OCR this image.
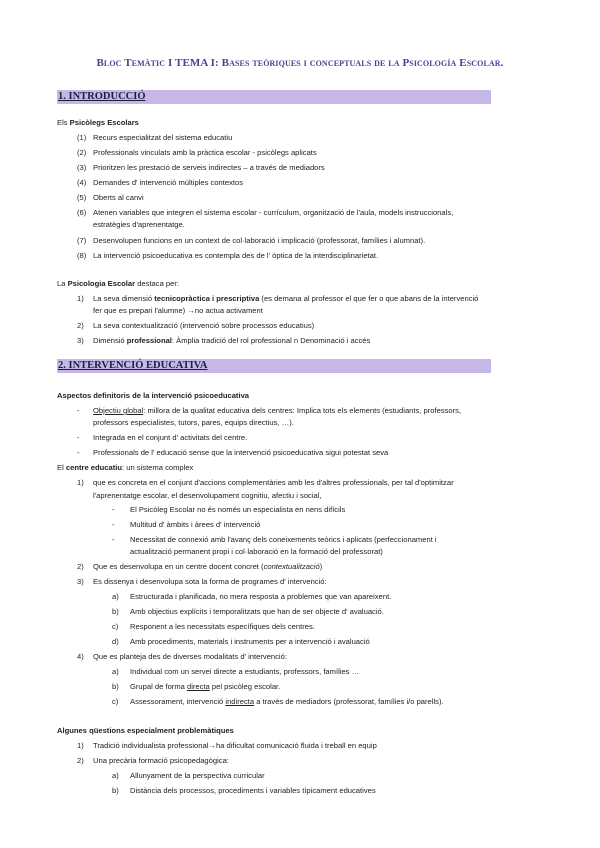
Bloc Temàtic I TEMA I: Bases teòriques i conceptuals de la Psicología Escolar.
1. INTRODUCCIÓ
Els Psicòlegs Escolars
(1) Recurs especialitzat del sistema educatiu
(2) Professionals vinculats amb la pràctica escolar - psicòlegs aplicats
(3) Prioritzen les prestació de serveis indirectes – a través de mediadors
(4) Demandes d' intervenció múltiples contextos
(5) Oberts al canvi
(6) Atenen variables que integren el sistema escolar - currículum, organització de l'aula, models instruccionals,
estratègies d'aprenentatge.
(7) Desenvolupen funcions en un context de col·laboració i implicació (professorat, famílies i alumnat).
(8) La intervenció psicoeducativa es contempla des de l' òptica de la interdisciplinarietat.
La Psicologia Escolar destaca per:
1) La seva dimensió tecnicopràctica i prescriptiva (es demana al professor el que fer o que abans de la intervenció
fer que es prepari l'alumne) →no actua activament
2) La seva contextualització (intervenció sobre processos educatius)
3) Dimensió professional: Àmplia tradició del rol professional n Denominació i accés
2. INTERVENCIÓ EDUCATIVA
Aspectos definitoris de la intervenció psicoeducativa
- Objectiu global: millora de la qualitat educativa dels centres: Implica tots els elements (estudiants, professors,
professors especialistes, tutors, pares, equips directius, …).
- Integrada en el conjunt d' activitats del centre.
- Professionals de l' educació sense que la intervenció psicoeducativa sigui potestat seva
El centre educatiu: un sistema complex
1) que es concreta en el conjunt d'accions complementàries amb les d'altres professionals, per tal d'optimitzar
l'aprenentatge escolar, el desenvolupament cognitiu, afectiu i social,
- El Psicòleg Escolar no és només un especialista en nens difícils
- Multitud d' àmbits i àrees d' intervenció
- Necessitat de connexió amb l'avanç dels coneixements teòrics i aplicats (perfeccionament i
actualització permanent propi i col·laboració en la formació del professorat)
2) Que es desenvolupa en un centre docent concret (contextualització)
3) Es dissenya i desenvolupa sota la forma de programes d' intervenció:
a) Estructurada i planificada, no mera resposta a problemes que van apareixent.
b) Amb objectius explícits i temporalitzats que han de ser objecte d' avaluació.
c) Responent a les necessitats específiques dels centres.
d) Amb procediments, materials i instruments per a intervenció i avaluació
4) Que es planteja des de diverses modalitats d' intervenció:
a) Individual com un servei directe a estudiants, professors, famílies …
b) Grupal de forma directa pel psicòleg escolar.
c) Assessorament, intervenció indirecta a través de mediadors (professorat, famílies i/o parells).
Algunes qüestions especialment problemàtiques
1) Tradició individualista professional→ha dificultat comunicació fluida i treball en equip
2) Una precària formació psicopedagògica:
a) Allunyament de la perspectiva curricular
b) Distància dels processos, procediments i variables típicament educatives
